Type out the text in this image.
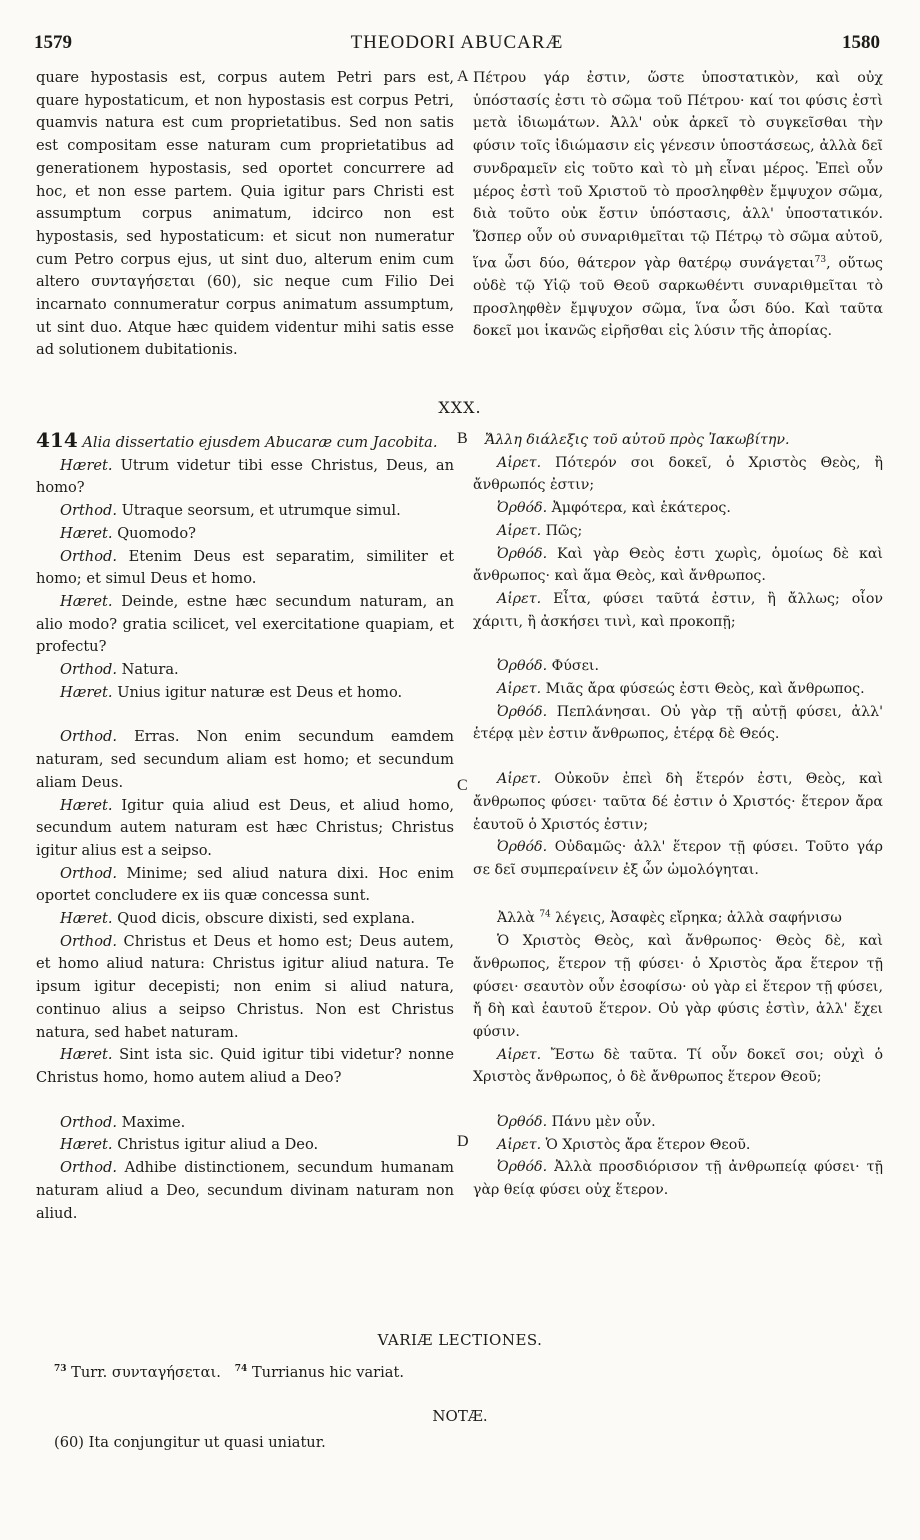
1579	THEODORI ABUCARÆ	1580

quare hypostasis est, corpus autem Petri pars est, quare hypostaticum, et non hypostasis est corpus Petri, quamvis natura est cum proprietatibus. Sed non satis est compositam esse naturam cum proprietatibus ad generationem hypostasis, sed oportet concurrere ad hoc, et non esse partem. Quia igitur pars Christi est assumptum corpus animatum, idcirco non est hypostasis, sed hypostaticum: et sicut non numeratur cum Petro corpus ejus, ut sint duo, alterum enim cum altero συνταγήσεται (60), sic neque cum Filio Dei incarnato connumeratur corpus animatum assumptum, ut sint duo. Atque hæc quidem videntur mihi satis esse ad solutionem dubitationis.

A Πέτρου γάρ ἐστιν, ὥστε ὑποστατικὸν, καὶ οὐχ ὑπόστασίς ἐστι τὸ σῶμα τοῦ Πέτρου· καί τοι φύσις ἐστὶ μετὰ ἰδιωμάτων. Ἀλλ' οὐκ ἀρκεῖ τὸ συγκεῖσθαι τὴν φύσιν τοῖς ἰδιώμασιν εἰς γένεσιν ὑποστάσεως, ἀλλὰ δεῖ συνδραμεῖν εἰς τοῦτο καὶ τὸ μὴ εἶναι μέρος. Ἐπεὶ οὖν μέρος ἐστὶ τοῦ Χριστοῦ τὸ προσληφθὲν ἔμψυχον σῶμα, διὰ τοῦτο οὐκ ἔστιν ὑπόστασις, ἀλλ' ὑποστατικόν. Ὥσπερ οὖν οὐ συναριθμεῖται τῷ Πέτρῳ τὸ σῶμα αὐτοῦ, ἵνα ὦσι δύο, θάτερον γὰρ θατέρῳ συνάγεται$^{73}$, οὕτως οὐδὲ τῷ Υἱῷ τοῦ Θεοῦ σαρκωθέντι συναριθμεῖται τὸ προσληφθὲν ἔμψυχον σῶμα, ἵνα ὦσι δύο. Καὶ ταῦτα δοκεῖ μοι ἱκανῶς εἰρῆσθαι εἰς λύσιν τῆς ἀπορίας.

XXX.

414 Alia dissertatio ejusdem Abucaræ cum Jacobita.

Hæret. Utrum videtur tibi esse Christus, Deus, an homo?

Orthod. Utraque seorsum, et utrumque simul.

Hæret. Quomodo?

Orthod. Etenim Deus est separatim, similiter et homo; et simul Deus et homo.

Hæret. Deinde, estne hæc secundum naturam, an alio modo? gratia scilicet, vel exercitatione quapiam, et profectu?

Orthod. Natura.

Hæret. Unius igitur naturæ est Deus et homo.

Orthod. Erras. Non enim secundum eamdem naturam, sed secundum aliam est homo; et secundum aliam Deus.

Hæret. Igitur quia aliud est Deus, et aliud homo, secundum autem naturam est hæc Christus; Christus igitur alius est a seipso.

Orthod. Minime; sed aliud natura dixi. Hoc enim oportet concludere ex iis quæ concessa sunt.

Hæret. Quod dicis, obscure dixisti, sed explana.

Orthod. Christus et Deus et homo est; Deus autem, et homo aliud natura: Christus igitur aliud natura. Te ipsum igitur decepisti; non enim si aliud natura, continuo alius a seipso Christus. Non est Christus natura, sed habet naturam.

Hæret. Sint ista sic. Quid igitur tibi videtur? nonne Christus homo, homo autem aliud a Deo?

Orthod. Maxime.

Hæret. Christus igitur aliud a Deo.

Orthod. Adhibe distinctionem, secundum humanam naturam aliud a Deo, secundum divinam naturam non aliud.

B
C
D

Ἄλλη διάλεξις τοῦ αὐτοῦ πρὸς Ἰακωβίτην.

Αἱρετ. Πότερόν σοι δοκεῖ, ὁ Χριστὸς Θεὸς, ἢ ἄνθρωπός ἐστιν;

Ὀρθόδ. Ἀμφότερα, καὶ ἑκάτερος.

Αἱρετ. Πῶς;

Ὀρθόδ. Καὶ γὰρ Θεὸς ἐστι χωρὶς, ὁμοίως δὲ καὶ ἄνθρωπος· καὶ ἅμα Θεὸς, καὶ ἄνθρωπος.

Αἱρετ. Εἶτα, φύσει ταῦτά ἐστιν, ἢ ἄλλως; οἷον χάριτι, ἢ ἀσκήσει τινὶ, καὶ προκοπῇ;

Ὀρθόδ. Φύσει.

Αἱρετ. Μιᾶς ἄρα φύσεώς ἐστι Θεὸς, καὶ ἄνθρωπος.

Ὀρθόδ. Πεπλάνησαι. Οὐ γὰρ τῇ αὐτῇ φύσει, ἀλλ' ἑτέρᾳ μὲν ἐστιν ἄνθρωπος, ἑτέρᾳ δὲ Θεός.

Αἱρετ. Οὐκοῦν ἐπεὶ δὴ ἕτερόν ἐστι, Θεὸς, καὶ ἄνθρωπος φύσει· ταῦτα δέ ἐστιν ὁ Χριστός· ἕτερον ἄρα ἑαυτοῦ ὁ Χριστός ἐστιν;

Ὀρθόδ. Οὐδαμῶς· ἀλλ' ἕτερον τῇ φύσει. Τοῦτο γάρ σε δεῖ συμπεραίνειν ἐξ ὧν ὡμολόγηται.

Ἀλλὰ $^{74}$ λέγεις, Ἀσαφὲς εἴρηκα; ἀλλὰ σαφήνισω

Ὁ Χριστὸς Θεὸς, καὶ ἄνθρωπος· Θεὸς δὲ, καὶ ἄνθρωπος, ἕτερον τῇ φύσει· ὁ Χριστὸς ἄρα ἕτερον τῇ φύσει· σεαυτὸν οὖν ἐσοφίσω· οὐ γὰρ εἰ ἕτερον τῇ φύσει, ἤ δὴ καὶ ἑαυτοῦ ἕτερον. Οὐ γὰρ φύσις ἐστὶν, ἀλλ' ἔχει φύσιν.

Αἱρετ. Ἔστω δὲ ταῦτα. Τί οὖν δοκεῖ σοι; οὐχὶ ὁ Χριστὸς ἄνθρωπος, ὁ δὲ ἄνθρωπος ἕτερον Θεοῦ;

Ὀρθόδ. Πάνυ μὲν οὖν.

Αἱρετ. Ὁ Χριστὸς ἄρα ἕτερον Θεοῦ.

Ὀρθόδ. Ἀλλὰ προσδιόρισον τῇ ἀνθρωπείᾳ φύσει· τῇ γὰρ θείᾳ φύσει οὐχ ἕτερον.

VARIÆ LECTIONES.
$^{73}$ Turr. συνταγήσεται. $^{74}$ Turrianus hic variat.
NOTÆ.
(60) Ita conjungitur ut quasi uniatur.
